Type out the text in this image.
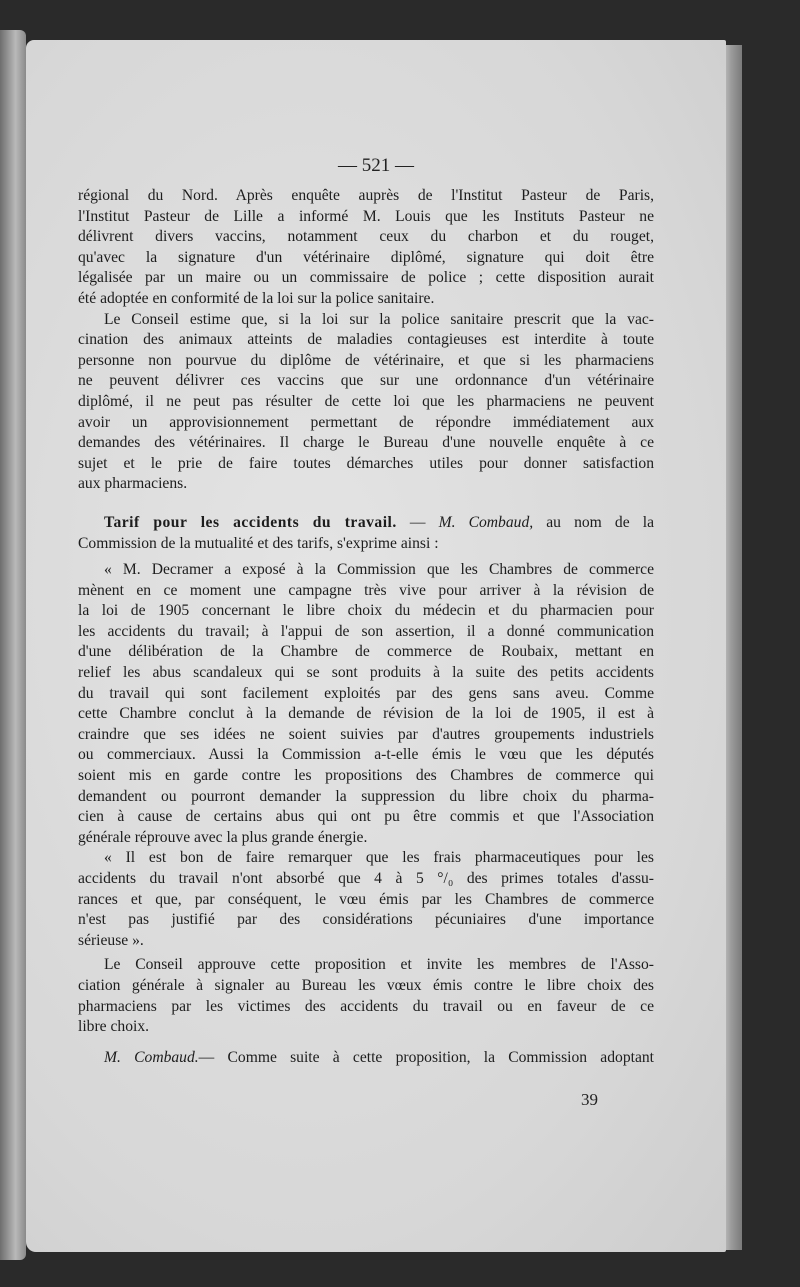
— 521 —
régional du Nord. Après enquête auprès de l'Institut Pasteur de Paris,
l'Institut Pasteur de Lille a informé M. Louis que les Instituts Pasteur ne
délivrent divers vaccins, notamment ceux du charbon et du rouget,
qu'avec la signature d'un vétérinaire diplômé, signature qui doit être
légalisée par un maire ou un commissaire de police ; cette disposition aurait
été adoptée en conformité de la loi sur la police sanitaire.
Le Conseil estime que, si la loi sur la police sanitaire prescrit que la vac-
cination des animaux atteints de maladies contagieuses est interdite à toute
personne non pourvue du diplôme de vétérinaire, et que si les pharmaciens
ne peuvent délivrer ces vaccins que sur une ordonnance d'un vétérinaire
diplômé, il ne peut pas résulter de cette loi que les pharmaciens ne peuvent
avoir un approvisionnement permettant de répondre immédiatement aux
demandes des vétérinaires. Il charge le Bureau d'une nouvelle enquête à ce
sujet et le prie de faire toutes démarches utiles pour donner satisfaction
aux pharmaciens.
Tarif pour les accidents du travail. — M. Combaud, au nom de la
Commission de la mutualité et des tarifs, s'exprime ainsi :
« M. Decramer a exposé à la Commission que les Chambres de commerce
mènent en ce moment une campagne très vive pour arriver à la révision de
la loi de 1905 concernant le libre choix du médecin et du pharmacien pour
les accidents du travail; à l'appui de son assertion, il a donné communication
d'une délibération de la Chambre de commerce de Roubaix, mettant en
relief les abus scandaleux qui se sont produits à la suite des petits accidents
du travail qui sont facilement exploités par des gens sans aveu. Comme
cette Chambre conclut à la demande de révision de la loi de 1905, il est à
craindre que ses idées ne soient suivies par d'autres groupements industriels
ou commerciaux. Aussi la Commission a-t-elle émis le vœu que les députés
soient mis en garde contre les propositions des Chambres de commerce qui
demandent ou pourront demander la suppression du libre choix du pharma-
cien à cause de certains abus qui ont pu être commis et que l'Association
générale réprouve avec la plus grande énergie.
« Il est bon de faire remarquer que les frais pharmaceutiques pour les
accidents du travail n'ont absorbé que 4 à 5 °/₀ des primes totales d'assu-
rances et que, par conséquent, le vœu émis par les Chambres de commerce
n'est pas justifié par des considérations pécuniaires d'une importance
sérieuse ».
Le Conseil approuve cette proposition et invite les membres de l'Asso-
ciation générale à signaler au Bureau les vœux émis contre le libre choix des
pharmaciens par les victimes des accidents du travail ou en faveur de ce
libre choix.
M. Combaud.— Comme suite à cette proposition, la Commission adoptant
39
